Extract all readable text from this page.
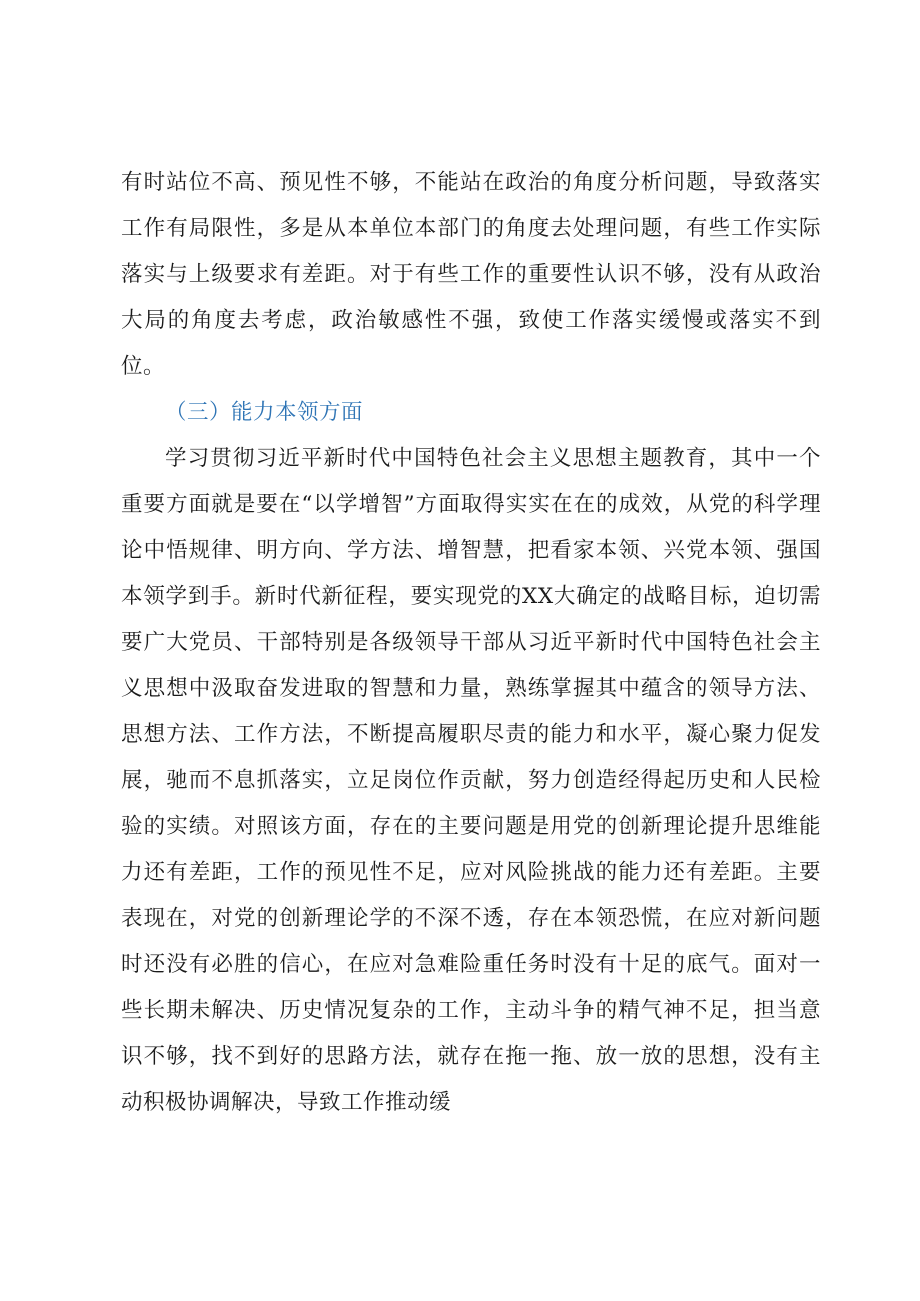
有时站位不高、预见性不够，不能站在政治的角度分析问题，导致落实工作有局限性，多是从本单位本部门的角度去处理问题，有些工作实际落实与上级要求有差距。对于有些工作的重要性认识不够，没有从政治大局的角度去考虑，政治敏感性不强，致使工作落实缓慢或落实不到位。

（三）能力本领方面

学习贯彻习近平新时代中国特色社会主义思想主题教育，其中一个重要方面就是要在“以学增智”方面取得实实在在的成效，从党的科学理论中悟规律、明方向、学方法、增智慧，把看家本领、兴党本领、强国本领学到手。新时代新征程，要实现党的XX大确定的战略目标，迫切需要广大党员、干部特别是各级领导干部从习近平新时代中国特色社会主义思想中汲取奋发进取的智慧和力量，熟练掌握其中蕴含的领导方法、思想方法、工作方法，不断提高履职尽责的能力和水平，凝心聚力促发展，驰而不息抓落实，立足岗位作贡献，努力创造经得起历史和人民检验的实绩。对照该方面，存在的主要问题是用党的创新理论提升思维能力还有差距，工作的预见性不足，应对风险挑战的能力还有差距。主要表现在，对党的创新理论学的不深不透，存在本领恐慌，在应对新问题时还没有必胜的信心，在应对急难险重任务时没有十足的底气。面对一些长期未解决、历史情况复杂的工作，主动斗争的精气神不足，担当意识不够，找不到好的思路方法，就存在拖一拖、放一放的思想，没有主动积极协调解决，导致工作推动缓
